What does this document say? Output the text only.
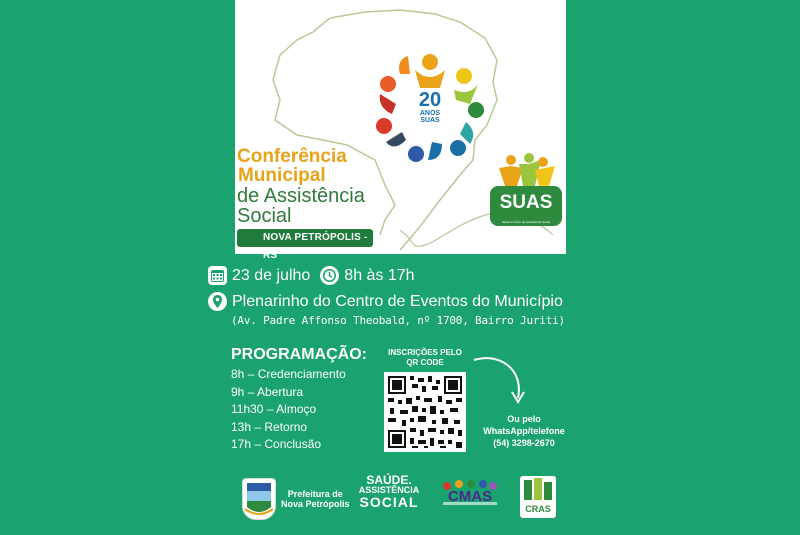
20
ANOS
SUAS
Conferência
Municipal
de Assistência
Social
NOVA PETRÓPOLIS - RS
SUAS
Sistema Único de Assistência Social
23 de julho 8h às 17h
Plenarinho do Centro de Eventos do Município
(Av. Padre Affonso Theobald, nº 1700, Bairro Juriti)
PROGRAMAÇÃO:
8h – Credenciamento
9h – Abertura
11h30 – Almoço
13h – Retorno
17h – Conclusão
INSCRIÇÕES PELO
QR CODE
Ou pelo
WhatsApp/telefone
(54) 3298-2670
Prefeitura de
Nova Petrópolis
SAÚDE.
ASSISTÊNCIA
SOCIAL	CMAS
CRAS
